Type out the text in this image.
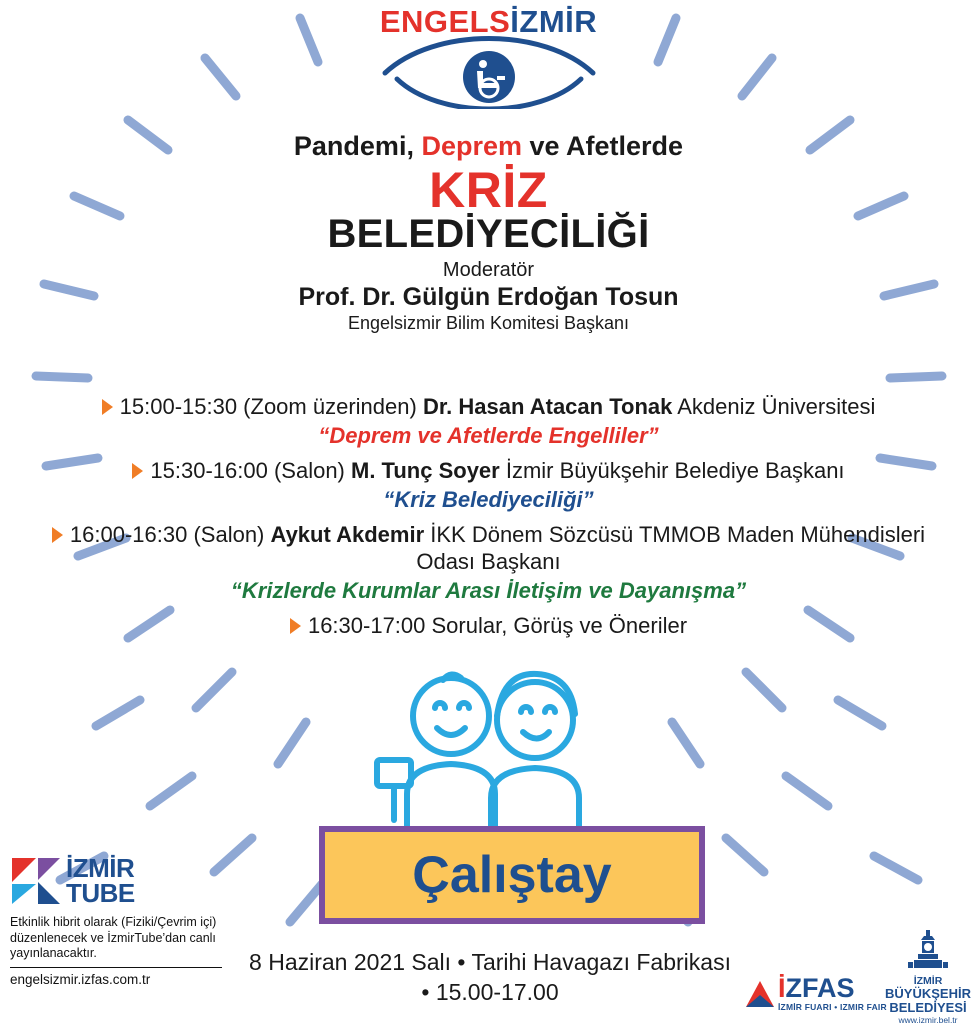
ENGELSİZMİR
Pandemi, Deprem ve Afetlerde
KRİZ
BELEDİYECİLİĞİ
Moderatör
Prof. Dr. Gülgün Erdoğan Tosun
Engelsizmir Bilim Komitesi Başkanı
15:00-15:30 (Zoom üzerinden) Dr. Hasan Atacan Tonak Akdeniz Üniversitesi
“Deprem ve Afetlerde Engelliler”
15:30-16:00 (Salon) M. Tunç Soyer İzmir Büyükşehir Belediye Başkanı
“Kriz Belediyeciliği”
16:00-16:30 (Salon) Aykut Akdemir İKK Dönem Sözcüsü TMMOB Maden Mühendisleri Odası Başkanı
“Krizlerde Kurumlar Arası İletişim ve Dayanışma”
16:30-17:00 Sorular, Görüş ve Öneriler
Çalıştay
8 Haziran 2021 Salı • Tarihi Havagazı Fabrikası
• 15.00-17.00
İZMİR
TUBE
Etkinlik hibrit olarak (Fiziki/Çevrim içi) düzenlenecek ve İzmirTube’dan canlı yayınlanacaktır.
engelsizmir.izfas.com.tr	İZFAS
İZMİR FUARI • IZMIR FAIR
İZMİR
BÜYÜKŞEHİR
BELEDİYESİ
www.izmir.bel.tr
